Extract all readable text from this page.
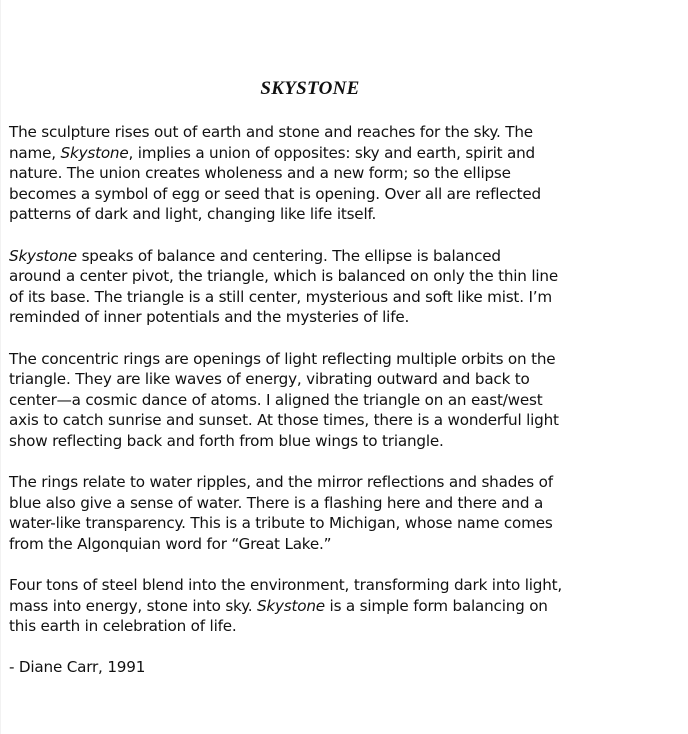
SKYSTONE

The sculpture rises out of earth and stone and reaches for the sky. The
name, Skystone, implies a union of opposites: sky and earth, spirit and
nature. The union creates wholeness and a new form; so the ellipse
becomes a symbol of egg or seed that is opening. Over all are reflected
patterns of dark and light, changing like life itself.

Skystone speaks of balance and centering. The ellipse is balanced
around a center pivot, the triangle, which is balanced on only the thin line
of its base. The triangle is a still center, mysterious and soft like mist. I’m
reminded of inner potentials and the mysteries of life.

The concentric rings are openings of light reflecting multiple orbits on the
triangle. They are like waves of energy, vibrating outward and back to
center—a cosmic dance of atoms. I aligned the triangle on an east/west
axis to catch sunrise and sunset. At those times, there is a wonderful light
show reflecting back and forth from blue wings to triangle.

The rings relate to water ripples, and the mirror reflections and shades of
blue also give a sense of water. There is a flashing here and there and a
water-like transparency. This is a tribute to Michigan, whose name comes
from the Algonquian word for “Great Lake.”

Four tons of steel blend into the environment, transforming dark into light,
mass into energy, stone into sky. Skystone is a simple form balancing on
this earth in celebration of life.

- Diane Carr, 1991
